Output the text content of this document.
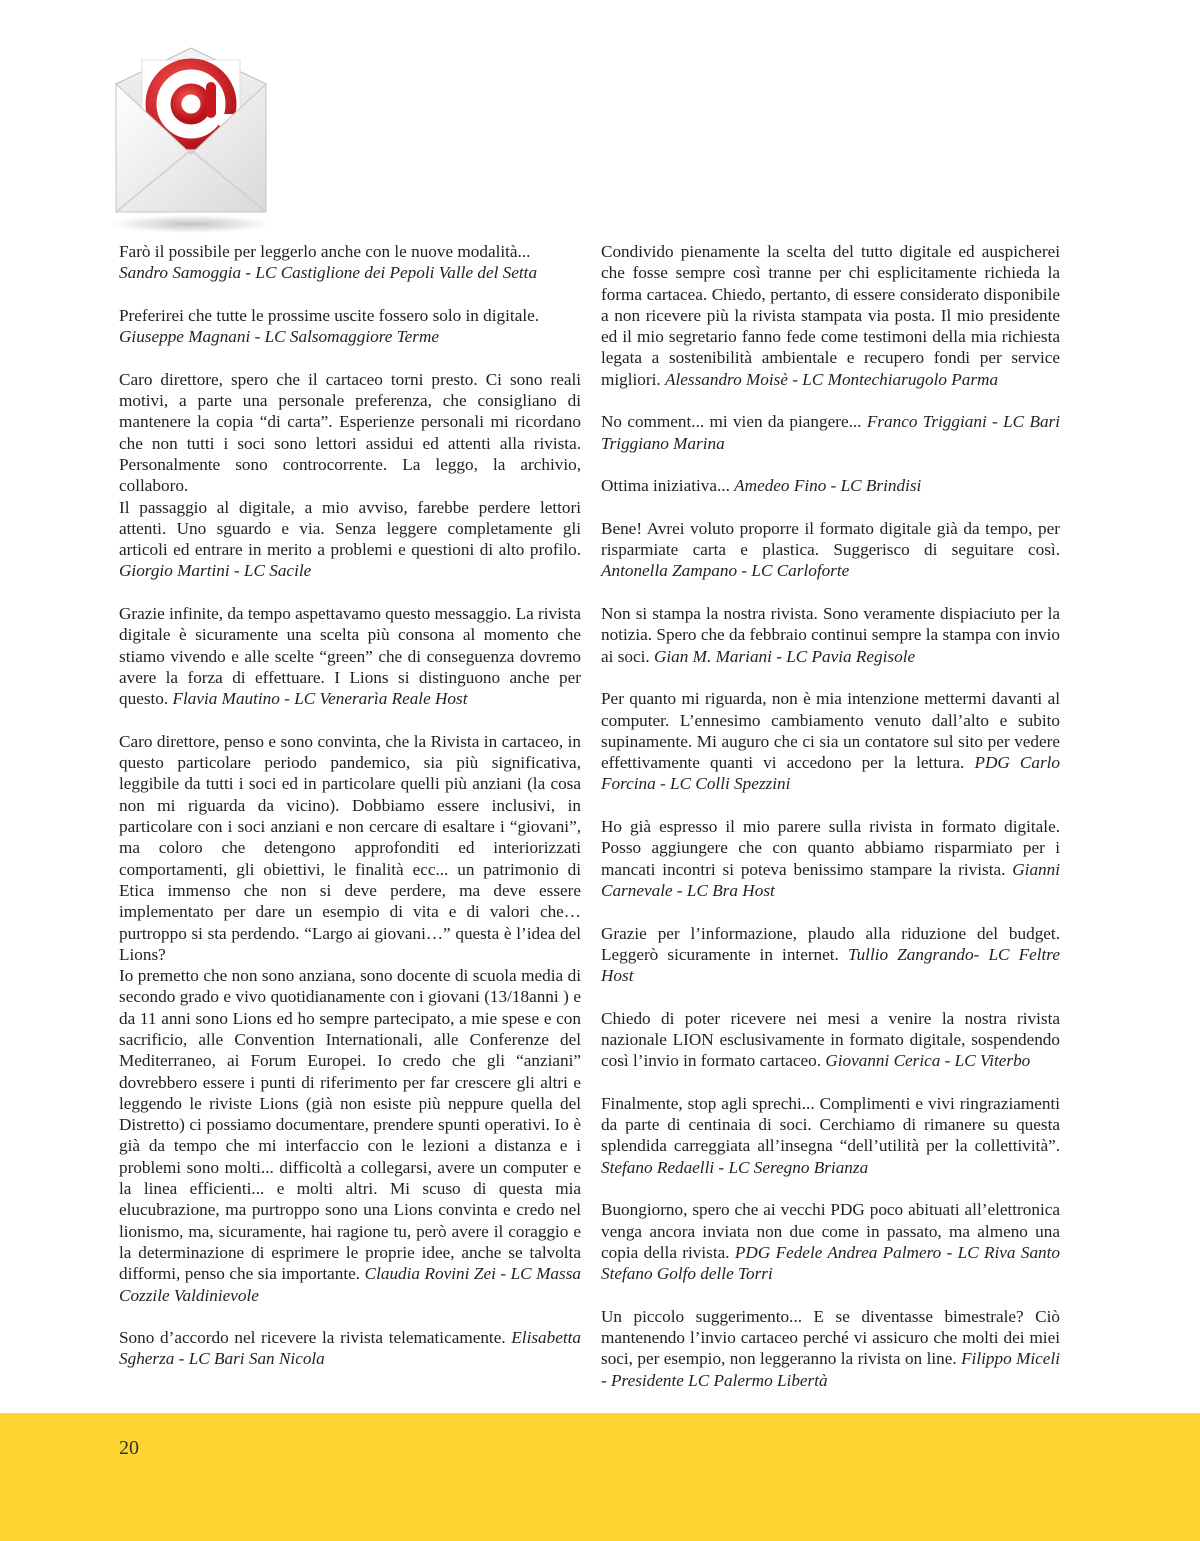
Farò il possibile per leggerlo anche con le nuove modalità...
Sandro Samoggia - LC Castiglione dei Pepoli Valle del Setta

Preferirei che tutte le prossime uscite fossero solo in digitale.
Giuseppe Magnani - LC Salsomaggiore Terme

Caro direttore, spero che il cartaceo torni presto. Ci sono reali motivi, a parte una personale preferenza, che consigliano di mantenere la copia “di carta”. Esperienze personali mi ricordano che non tutti i soci sono lettori assidui ed attenti alla rivista. Personalmente sono controcorrente. La leggo, la archivio, collaboro.

Il passaggio al digitale, a mio avviso, farebbe perdere lettori attenti. Uno sguardo e via. Senza leggere completamente gli articoli ed entrare in merito a problemi e questioni di alto profilo. Giorgio Martini - LC Sacile

Grazie infinite, da tempo aspettavamo questo messaggio. La rivista digitale è sicuramente una scelta più consona al momento che stiamo vivendo e alle scelte “green” che di conseguenza dovremo avere la forza di effettuare. I Lions si distinguono anche per questo. Flavia Mautino - LC Venerarìa Reale Host

Caro direttore, penso e sono convinta, che la Rivista in cartaceo, in questo particolare periodo pandemico, sia più significativa, leggibile da tutti i soci ed in particolare quelli più anziani (la cosa non mi riguarda da vicino). Dobbiamo essere inclusivi, in particolare con i soci anziani e non cercare di esaltare i “giovani”, ma coloro che detengono approfonditi ed interiorizzati comportamenti, gli obiettivi, le finalità ecc... un patrimonio di Etica immenso che non si deve perdere, ma deve essere implementato per dare un esempio di vita e di valori che… purtroppo si sta perdendo. “Largo ai giovani…” questa è l’idea del Lions?

Io premetto che non sono anziana, sono docente di scuola media di secondo grado e vivo quotidianamente con i giovani (13/18anni ) e da 11 anni sono Lions ed ho sempre partecipato, a mie spese e con sacrificio, alle Convention Internationali, alle Conferenze del Mediterraneo, ai Forum Europei. Io credo che gli “anziani” dovrebbero essere i punti di riferimento per far crescere gli altri e leggendo le riviste Lions (già non esiste più neppure quella del Distretto) ci possiamo documentare, prendere spunti operativi. Io è già da tempo che mi interfaccio con le lezioni a distanza e i problemi sono molti... difficoltà a collegarsi, avere un computer e la linea efficienti... e molti altri. Mi scuso di questa mia elucubrazione, ma purtroppo sono una Lions convinta e credo nel lionismo, ma, sicuramente, hai ragione tu, però avere il coraggio e la determinazione di esprimere le proprie idee, anche se talvolta difformi, penso che sia importante. Claudia Rovini Zei - LC Massa Cozzile Valdinievole

Sono d’accordo nel ricevere la rivista telematicamente. Elisabetta Sgherza - LC Bari San Nicola

Condivido pienamente la scelta del tutto digitale ed auspicherei che fosse sempre così tranne per chi esplicitamente richieda la forma cartacea. Chiedo, pertanto, di essere considerato disponibile a non ricevere più la rivista stampata via posta. Il mio presidente ed il mio segretario fanno fede come testimoni della mia richiesta legata a sostenibilità ambientale e recupero fondi per service migliori. Alessandro Moisè - LC Montechiarugolo Parma

No comment... mi vien da piangere... Franco Triggiani - LC Bari Triggiano Marina

Ottima iniziativa... Amedeo Fino - LC Brindisi

Bene! Avrei voluto proporre il formato digitale già da tempo, per risparmiate carta e plastica. Suggerisco di seguitare così. Antonella Zampano - LC Carloforte

Non si stampa la nostra rivista. Sono veramente dispiaciuto per la notizia. Spero che da febbraio continui sempre la stampa con invio ai soci. Gian M. Mariani - LC Pavia Regisole

Per quanto mi riguarda, non è mia intenzione mettermi davanti al computer. L’ennesimo cambiamento venuto dall’alto e subito supinamente. Mi auguro che ci sia un contatore sul sito per vedere effettivamente quanti vi accedono per la lettura. PDG Carlo Forcina - LC Colli Spezzini

Ho già espresso il mio parere sulla rivista in formato digitale. Posso aggiungere che con quanto abbiamo risparmiato per i mancati incontri si poteva benissimo stampare la rivista. Gianni Carnevale - LC Bra Host

Grazie per l’informazione, plaudo alla riduzione del budget. Leggerò sicuramente in internet. Tullio Zangrando- LC Feltre Host

Chiedo di poter ricevere nei mesi a venire la nostra rivista nazionale LION esclusivamente in formato digitale, sospendendo così l’invio in formato cartaceo. Giovanni Cerica - LC Viterbo

Finalmente, stop agli sprechi... Complimenti e vivi ringraziamenti da parte di centinaia di soci. Cerchiamo di rimanere su questa splendida carreggiata all’insegna “dell’utilità per la collettività”. Stefano Redaelli - LC Seregno Brianza

Buongiorno, spero che ai vecchi PDG poco abituati all’elettronica venga ancora inviata non due come in passato, ma almeno una copia della rivista. PDG Fedele Andrea Palmero - LC Riva Santo Stefano Golfo delle Torri

Un piccolo suggerimento... E se diventasse bimestrale? Ciò mantenendo l’invio cartaceo perché vi assicuro che molti dei miei soci, per esempio, non leggeranno la rivista on line. Filippo Miceli - Presidente LC Palermo Libertà

20
